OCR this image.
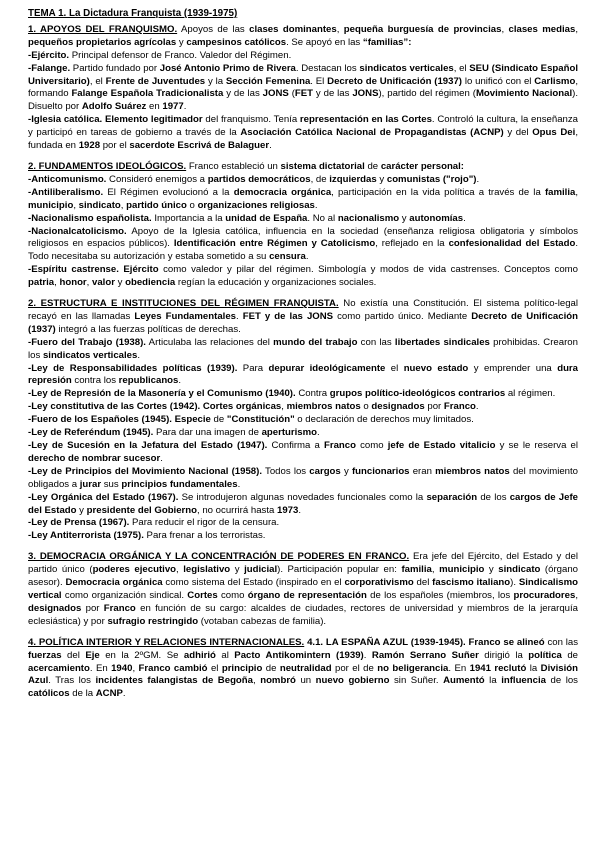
TEMA 1. La Dictadura Franquista (1939-1975)

1. APOYOS DEL FRANQUISMO. Apoyos de las clases dominantes, pequeña burguesía de provincias, clases medias, pequeños propietarios agrícolas y campesinos católicos. Se apoyó en las “familias”:

-Ejército. Principal defensor de Franco. Valedor del Régimen.

-Falange. Partido fundado por José Antonio Primo de Rivera. Destacan los sindicatos verticales, el SEU (Sindicato Español Universitario), el Frente de Juventudes y la Sección Femenina. El Decreto de Unificación (1937) lo unificó con el Carlismo, formando Falange Española Tradicionalista y de las JONS (FET y de las JONS), partido del régimen (Movimiento Nacional). Disuelto por Adolfo Suárez en 1977.

-Iglesia católica. Elemento legitimador del franquismo. Tenía representación en las Cortes. Controló la cultura, la enseñanza y participó en tareas de gobierno a través de la Asociación Católica Nacional de Propagandistas (ACNP) y del Opus Dei, fundada en 1928 por el sacerdote Escrivá de Balaguer.

2. FUNDAMENTOS IDEOLÓGICOS. Franco estableció un sistema dictatorial de carácter personal:

-Anticomunismo. Consideró enemigos a partidos democráticos, de izquierdas y comunistas ("rojo").

-Antiliberalismo. El Régimen evolucionó a la democracia orgánica, participación en la vida política a través de la familia, municipio, sindicato, partido único o organizaciones religiosas.

-Nacionalismo españolista. Importancia a la unidad de España. No al nacionalismo y autonomías.

-Nacionalcatolicismo. Apoyo de la Iglesia católica, influencia en la sociedad (enseñanza religiosa obligatoria y símbolos religiosos en espacios públicos). Identificación entre Régimen y Catolicismo, reflejado en la confesionalidad del Estado. Todo necesitaba su autorización y estaba sometido a su censura.

-Espíritu castrense. Ejército como valedor y pilar del régimen. Simbología y modos de vida castrenses. Conceptos como patria, honor, valor y obediencia regían la educación y organizaciones sociales.

2. ESTRUCTURA E INSTITUCIONES DEL RÉGIMEN FRANQUISTA. No existía una Constitución. El sistema político-legal recayó en las llamadas Leyes Fundamentales. FET y de las JONS como partido único. Mediante Decreto de Unificación (1937) integró a las fuerzas políticas de derechas.

-Fuero del Trabajo (1938). Articulaba las relaciones del mundo del trabajo con las libertades sindicales prohibidas. Crearon los sindicatos verticales.

-Ley de Responsabilidades políticas (1939). Para depurar ideológicamente el nuevo estado y emprender una dura represión contra los republicanos.

-Ley de Represión de la Masonería y el Comunismo (1940). Contra grupos político-ideológicos contrarios al régimen.

-Ley constitutiva de las Cortes (1942). Cortes orgánicas, miembros natos o designados por Franco.

-Fuero de los Españoles (1945). Especie de "Constitución" o declaración de derechos muy limitados.

-Ley de Referéndum (1945). Para dar una imagen de aperturismo.

-Ley de Sucesión en la Jefatura del Estado (1947). Confirma a Franco como jefe de Estado vitalicio y se le reserva el derecho de nombrar sucesor.

-Ley de Principios del Movimiento Nacional (1958). Todos los cargos y funcionarios eran miembros natos del movimiento obligados a jurar sus principios fundamentales.

-Ley Orgánica del Estado (1967). Se introdujeron algunas novedades funcionales como la separación de los cargos de Jefe del Estado y presidente del Gobierno, no ocurrirá hasta 1973.

-Ley de Prensa (1967). Para reducir el rigor de la censura.

-Ley Antiterrorista (1975). Para frenar a los terroristas.

3. DEMOCRACIA ORGÁNICA Y LA CONCENTRACIÓN DE PODERES EN FRANCO. Era jefe del Ejército, del Estado y del partido único (poderes ejecutivo, legislativo y judicial). Participación popular en: familia, municipio y sindicato (órgano asesor). Democracia orgánica como sistema del Estado (inspirado en el corporativismo del fascismo italiano). Sindicalismo vertical como organización sindical. Cortes como órgano de representación de los españoles (miembros, los procuradores, designados por Franco en función de su cargo: alcaldes de ciudades, rectores de universidad y miembros de la jerarquía eclesiástica) y por sufragio restringido (votaban cabezas de familia).

4. POLÍTICA INTERIOR Y RELACIONES INTERNACIONALES. 4.1. LA ESPAÑA AZUL (1939-1945). Franco se alineó con las fuerzas del Eje en la 2ºGM. Se adhirió al Pacto Antikomintern (1939). Ramón Serrano Suñer dirigió la política de acercamiento. En 1940, Franco cambió el principio de neutralidad por el de no beligerancia. En 1941 reclutó la División Azul. Tras los incidentes falangistas de Begoña, nombró un nuevo gobierno sin Suñer. Aumentó la influencia de los católicos de la ACNP.
